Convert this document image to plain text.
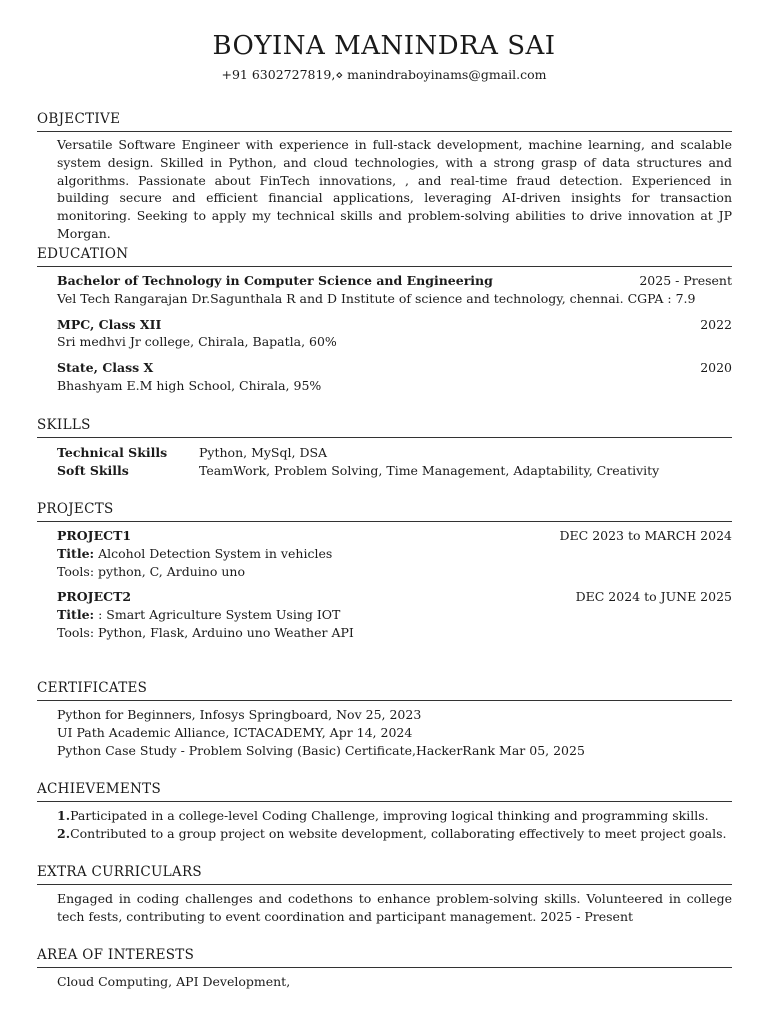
BOYINA MANINDRA SAI
+91 6302727819,⋄ manindraboyinams@gmail.com
OBJECTIVE
Versatile Software Engineer with experience in full-stack development, machine learning, and scalable system design. Skilled in Python, and cloud technologies, with a strong grasp of data structures and algorithms. Passionate about FinTech innovations, , and real-time fraud detection. Experienced in building secure and efficient financial applications, leveraging AI-driven insights for transaction monitoring. Seeking to apply my technical skills and problem-solving abilities to drive innovation at JP Morgan.
EDUCATION
Bachelor of Technology in Computer Science and Engineering	2025 - Present
Vel Tech Rangarajan Dr.Sagunthala R and D Institute of science and technology, chennai. CGPA : 7.9
MPC, Class XII	2022
Sri medhvi Jr college, Chirala, Bapatla, 60%
State, Class X	2020
Bhashyam E.M high School, Chirala, 95%
SKILLS
Technical Skills	Python, MySql, DSA
Soft Skills	TeamWork, Problem Solving, Time Management, Adaptability, Creativity
PROJECTS
PROJECT1	DEC 2023 to MARCH 2024
Title: Alcohol Detection System in vehicles
Tools: python, C, Arduino uno
PROJECT2	DEC 2024 to JUNE 2025
Title: : Smart Agriculture System Using IOT
Tools: Python, Flask, Arduino uno Weather API
CERTIFICATES
Python for Beginners, Infosys Springboard, Nov 25, 2023
UI Path Academic Alliance, ICTACADEMY, Apr 14, 2024
Python Case Study - Problem Solving (Basic) Certificate,HackerRank Mar 05, 2025
ACHIEVEMENTS
1.Participated in a college-level Coding Challenge, improving logical thinking and programming skills.
2.Contributed to a group project on website development, collaborating effectively to meet project goals.
EXTRA CURRICULARS
Engaged in coding challenges and codethons to enhance problem-solving skills. Volunteered in college tech fests, contributing to event coordination and participant management. 2025 - Present
AREA OF INTERESTS
Cloud Computing, API Development,
